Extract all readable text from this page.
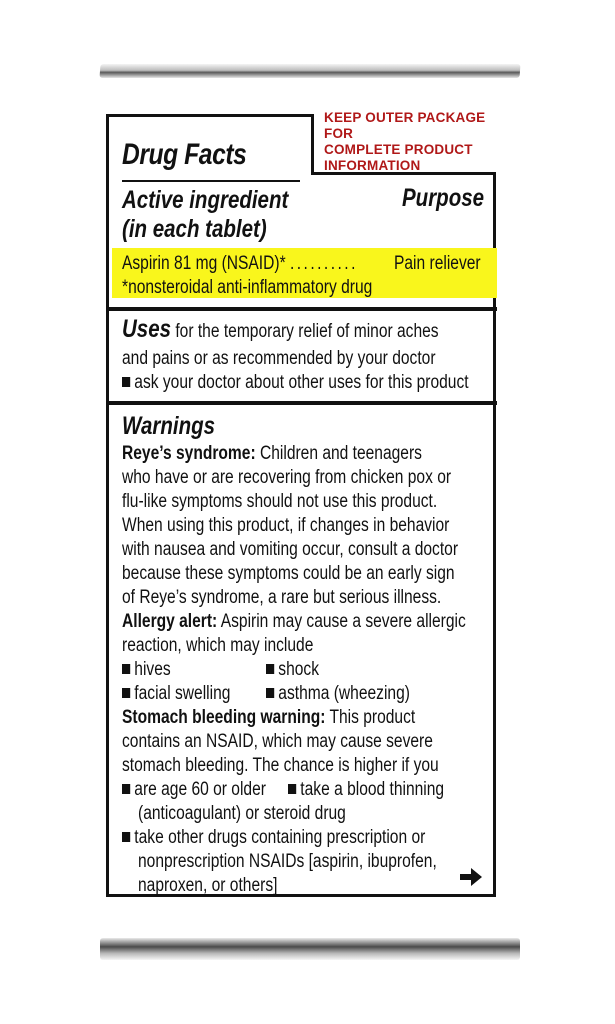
KEEP OUTER PACKAGE FOR
COMPLETE PRODUCT
INFORMATION
Drug Facts
Active ingredient
(in each tablet)
Purpose
Aspirin 81 mg (NSAID)* .......... Pain reliever
*nonsteroidal anti-inflammatory drug
Uses for the temporary relief of minor aches
and pains or as recommended by your doctor
ask your doctor about other uses for this product
Warnings
Reye’s syndrome: Children and teenagers
who have or are recovering from chicken pox or
flu-like symptoms should not use this product.
When using this product, if changes in behavior
with nausea and vomiting occur, consult a doctor
because these symptoms could be an early sign
of Reye’s syndrome, a rare but serious illness.
Allergy alert: Aspirin may cause a severe allergic
reaction, which may include
hives	shock
facial swelling	asthma (wheezing)
Stomach bleeding warning: This product
contains an NSAID, which may cause severe
stomach bleeding. The chance is higher if you
are age 60 or older	take a blood thinning
(anticoagulant) or steroid drug
take other drugs containing prescription or
nonprescription NSAIDs [aspirin, ibuprofen,
naproxen, or others]
